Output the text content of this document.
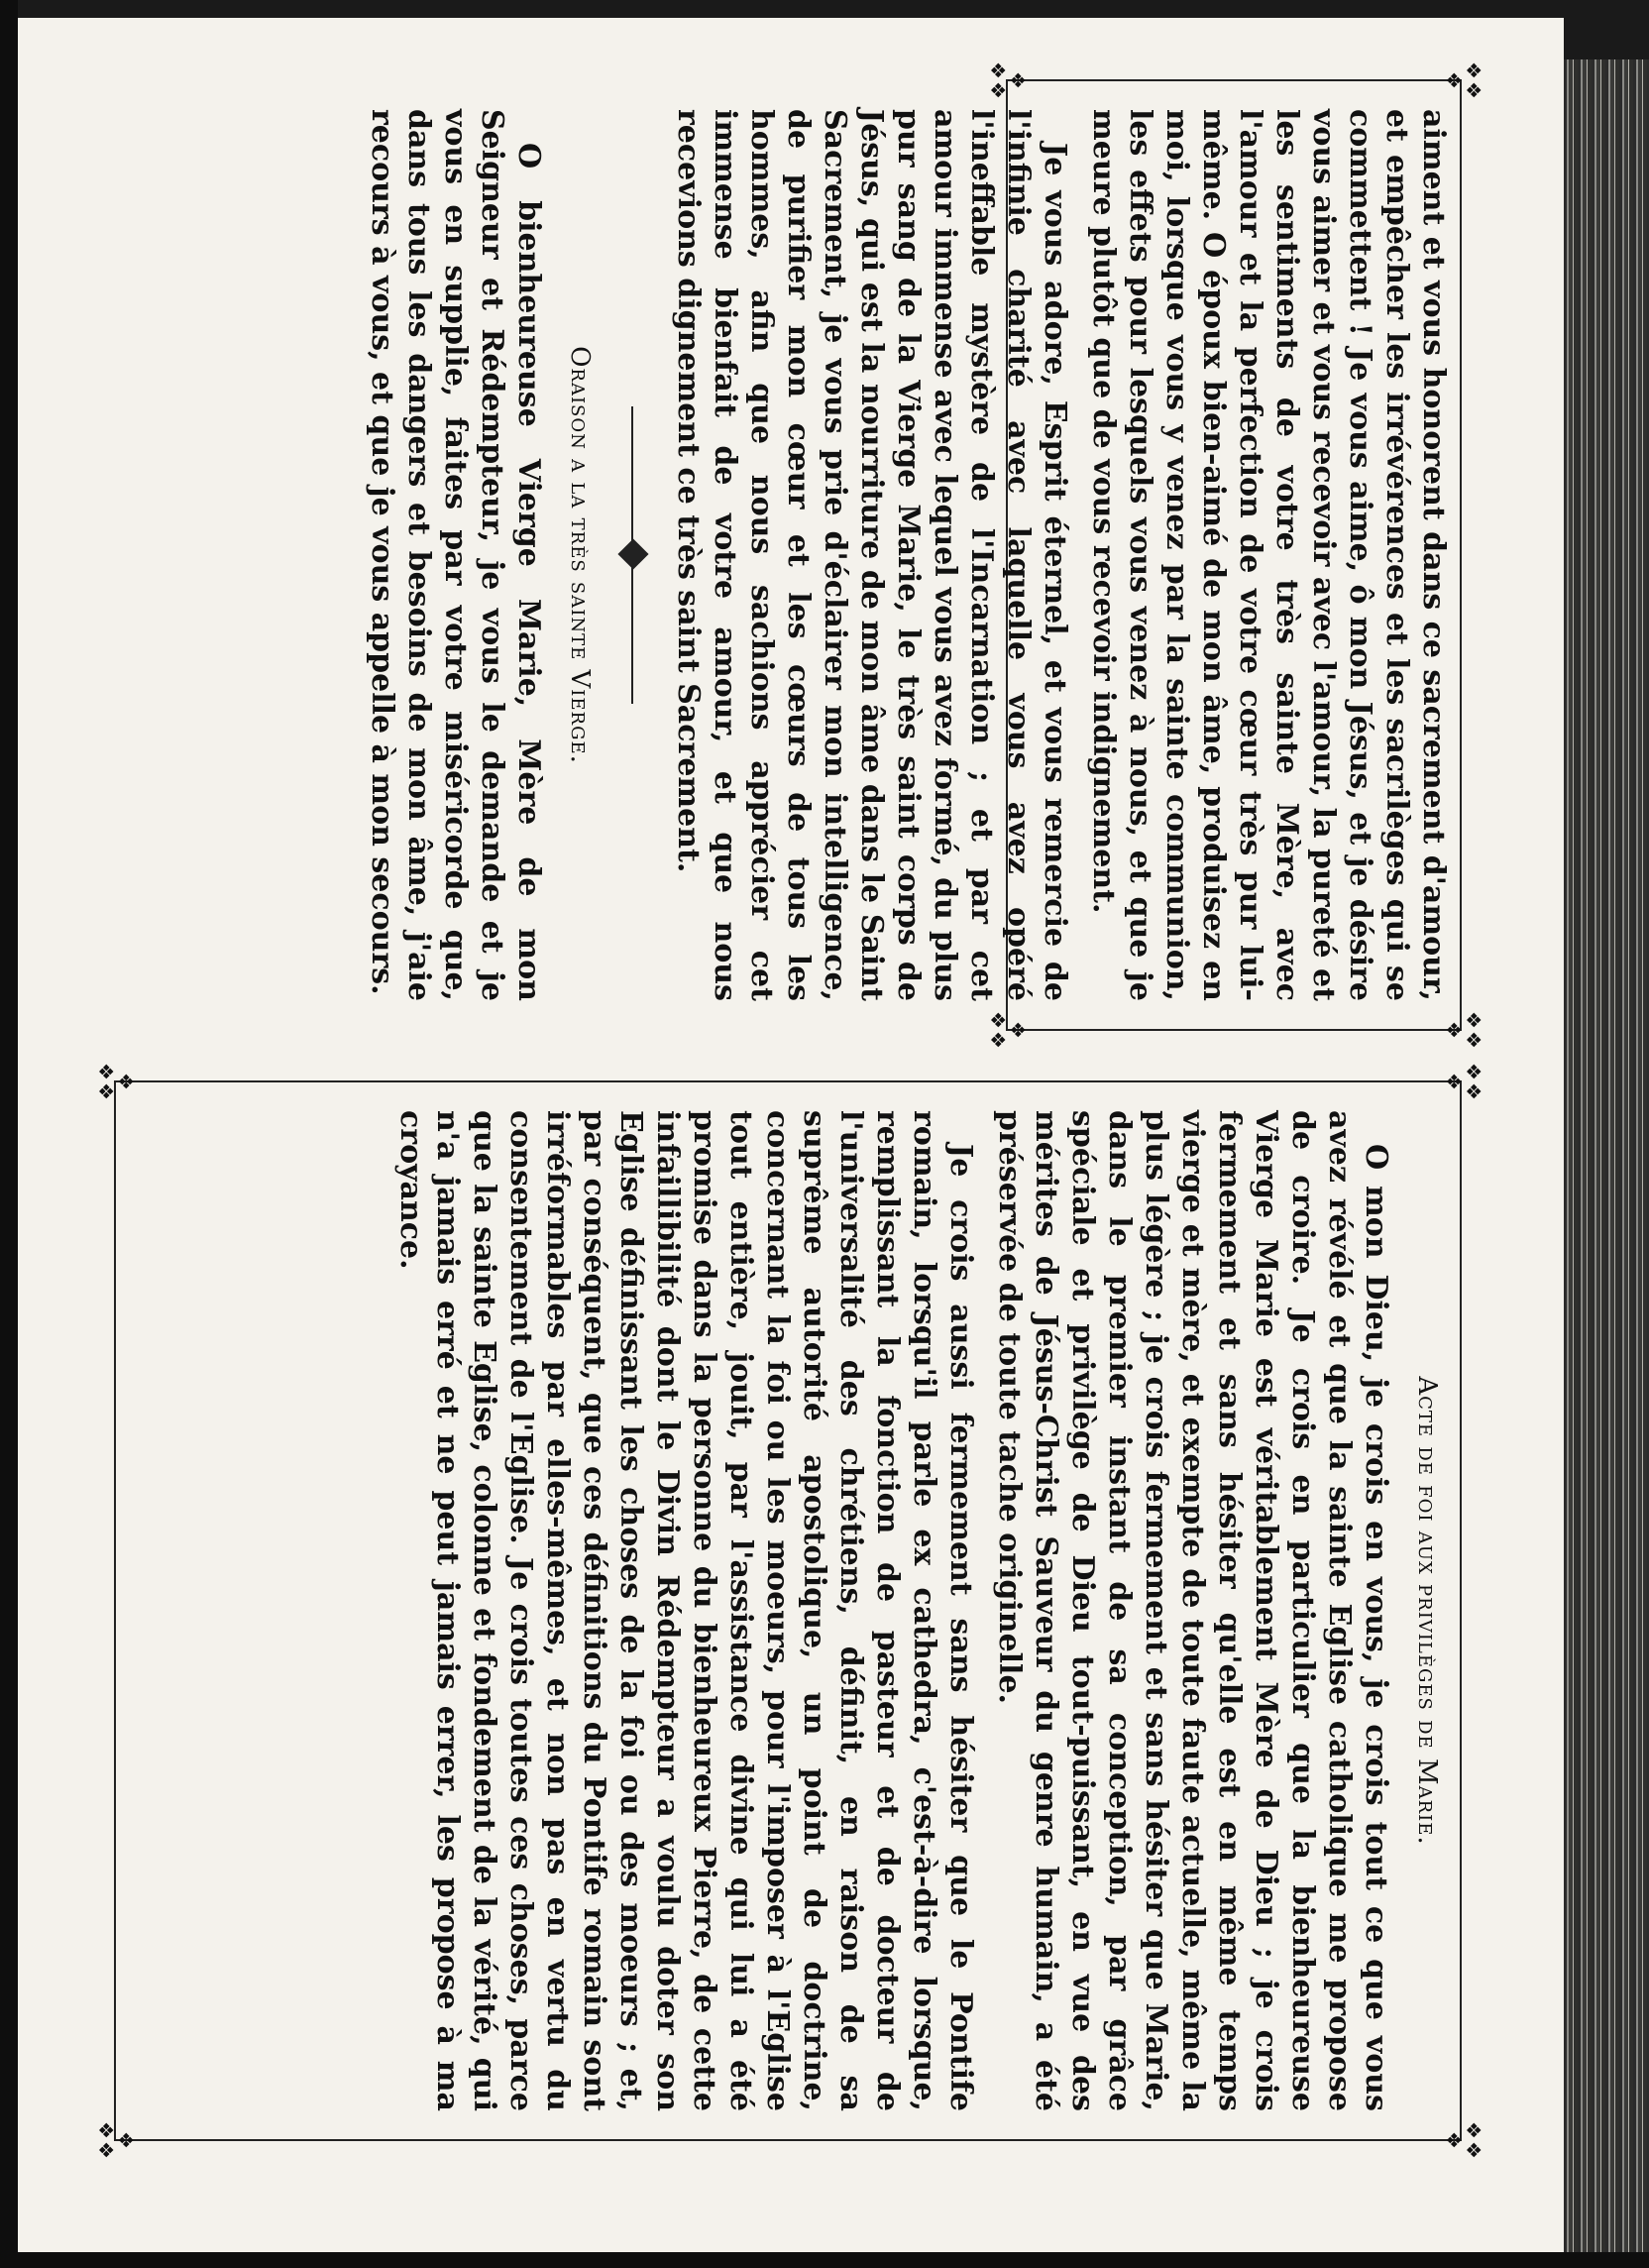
❖❖
❖
❖❖
❖
❖
❖❖
❖
❖❖
❖❖
❖
❖❖
❖
❖
❖❖
❖
❖❖

aiment et vous honorent dans ce sacrement d'amour, et empêcher les irrévérences et les sacrilèges qui se commettent ! Je vous aime, ô mon Jésus, et je désire vous aimer et vous recevoir avec l'amour, la pureté et les sentiments de votre très sainte Mère, avec l'amour et la perfection de votre cœur très pur lui-même. O époux bien-aimé de mon âme, produisez en moi, lorsque vous y venez par la sainte communion, les effets pour lesquels vous venez à nous, et que je meure plutôt que de vous recevoir indignement.

Je vous adore, Esprit éternel, et vous remercie de l'infinie charité avec laquelle vous avez opéré l'ineffable mystère de l'Incarnation ; et par cet amour immense avec lequel vous avez formé, du plus pur sang de la Vierge Marie, le très saint corps de Jésus, qui est la nourriture de mon âme dans le Saint Sacrement, je vous prie d'éclairer mon intelligence, de purifier mon cœur et les cœurs de tous les hommes, afin que nous sachions apprécier cet immense bienfait de votre amour, et que nous recevions dignement ce très saint Sacrement.

Oraison a la très sainte Vierge.

O bienheureuse Vierge Marie, Mère de mon Seigneur et Rédempteur, je vous le demande et je vous en supplie, faites par votre miséricorde que, dans tous les dangers et besoins de mon âme, j'aie recours à vous, et que je vous appelle à mon secours.

Acte de foi aux privilèges de Marie.

O mon Dieu, je crois en vous, je crois tout ce que vous avez révélé et que la sainte Eglise catholique me propose de croire. Je crois en particulier que la bienheureuse Vierge Marie est véritablement Mère de Dieu ; je crois fermement et sans hésiter qu'elle est en même temps vierge et mère, et exempte de toute faute actuelle, même la plus légère ; je crois fermement et sans hésiter que Marie, dans le premier instant de sa conception, par grâce spéciale et privilège de Dieu tout-puissant, en vue des mérites de Jésus-Christ Sauveur du genre humain, a été préservée de toute tache originelle.

Je crois aussi fermement sans hésiter que le Pontife romain, lorsqu'il parle ex cathedra, c'est-à-dire lorsque, remplissant la fonction de pasteur et de docteur de l'universalité des chrétiens, définit, en raison de sa suprême autorité apostolique, un point de doctrine, concernant la foi ou les moeurs, pour l'imposer à l'Eglise tout entière, jouit, par l'assistance divine qui lui a été promise dans la personne du bienheureux Pierre, de cette infaillibilité dont le Divin Rédempteur a voulu doter son Eglise définissant les choses de la foi ou des moeurs ; et, par conséquent, que ces définitions du Pontife romain sont irréformables par elles-mêmes, et non pas en vertu du consentement de l'Eglise. Je crois toutes ces choses, parce que la sainte Eglise, colonne et fondement de la vérité, qui n'a jamais erré et ne peut jamais errer, les propose à ma croyance.
